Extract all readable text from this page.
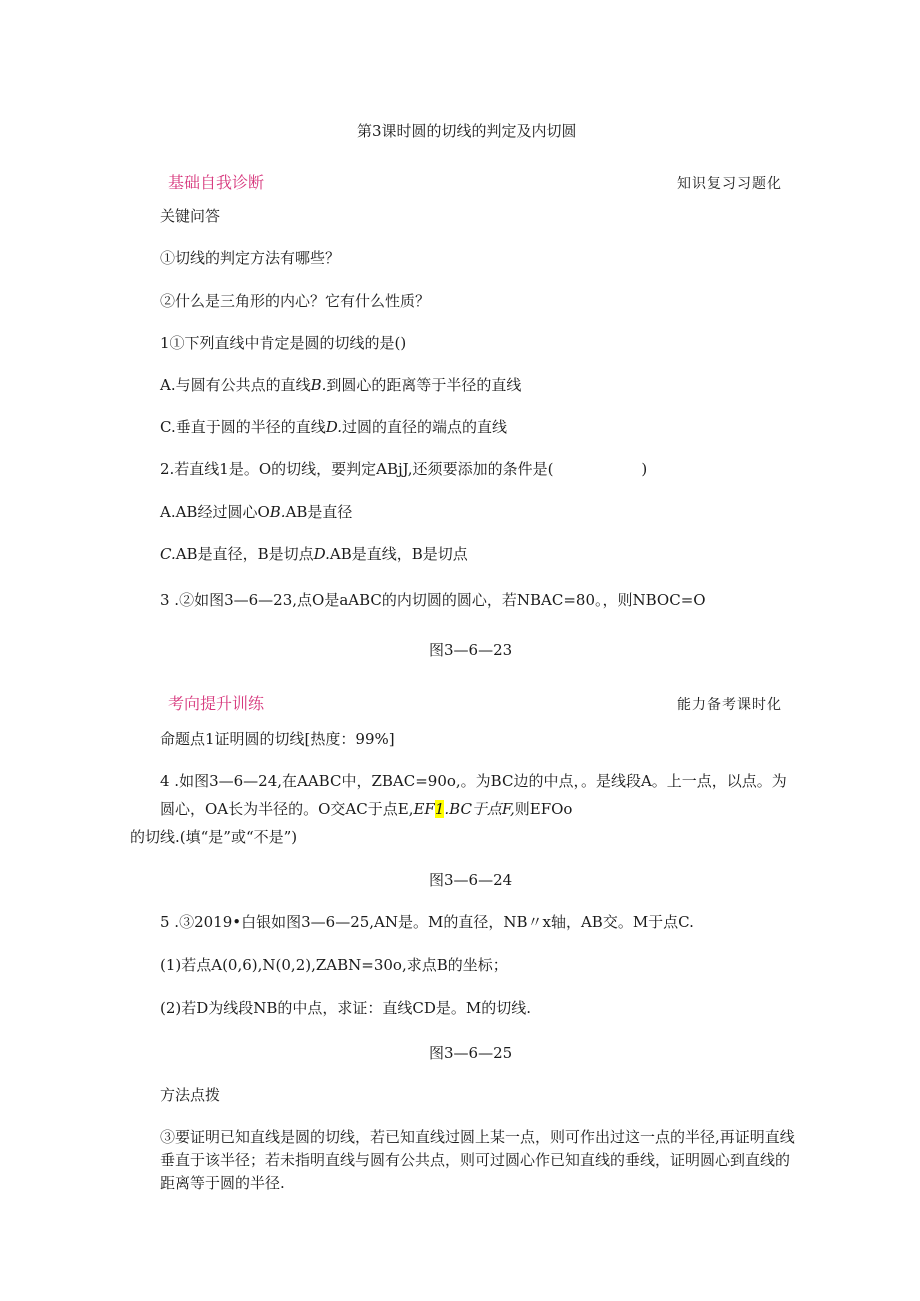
第3课时圆的切线的判定及内切圆
基础自我诊断	知识复习习题化
关键问答
①切线的判定方法有哪些？
②什么是三角形的内心？它有什么性质？
1①下列直线中肯定是圆的切线的是()
A.与圆有公共点的直线B.到圆心的距离等于半径的直线
C.垂直于圆的半径的直线D.过圆的直径的端点的直线
2.若直线1是。O的切线，要判定ABjJ,还须要添加的条件是(	)
A.AB经过圆心OB.AB是直径
C.AB是直径，B是切点D.AB是直线，B是切点
3 .②如图3—6—23,点O是aABC的内切圆的圆心，若NBAC=80。，则NBOC=O
图3—6—23
考向提升训练	能力备考课时化
命题点1证明圆的切线[热度：99%]
4 .如图3—6—24,在AABC中，ZBAC=90o,。为BC边的中点，。是线段A。上一点，以点。为
圆心，OA长为半径的。O交AC于点E,EF1.BC于点F,则EFOo
的切线.(填“是”或“不是”)
图3—6—24
5 .③2019•白银如图3—6—25,AN是。M的直径，NB〃x轴，AB交。M于点C.
(1)若点A(0,6),N(0,2),ZABN=30o,求点B的坐标；
(2)若D为线段NB的中点，求证：直线CD是。M的切线.
图3—6—25
方法点拨
③要证明已知直线是圆的切线，若已知直线过圆上某一点，则可作出过这一点的半径,再证明直线垂直于该半径；若未指明直线与圆有公共点，则可过圆心作已知直线的垂线，证明圆心到直线的距离等于圆的半径.
